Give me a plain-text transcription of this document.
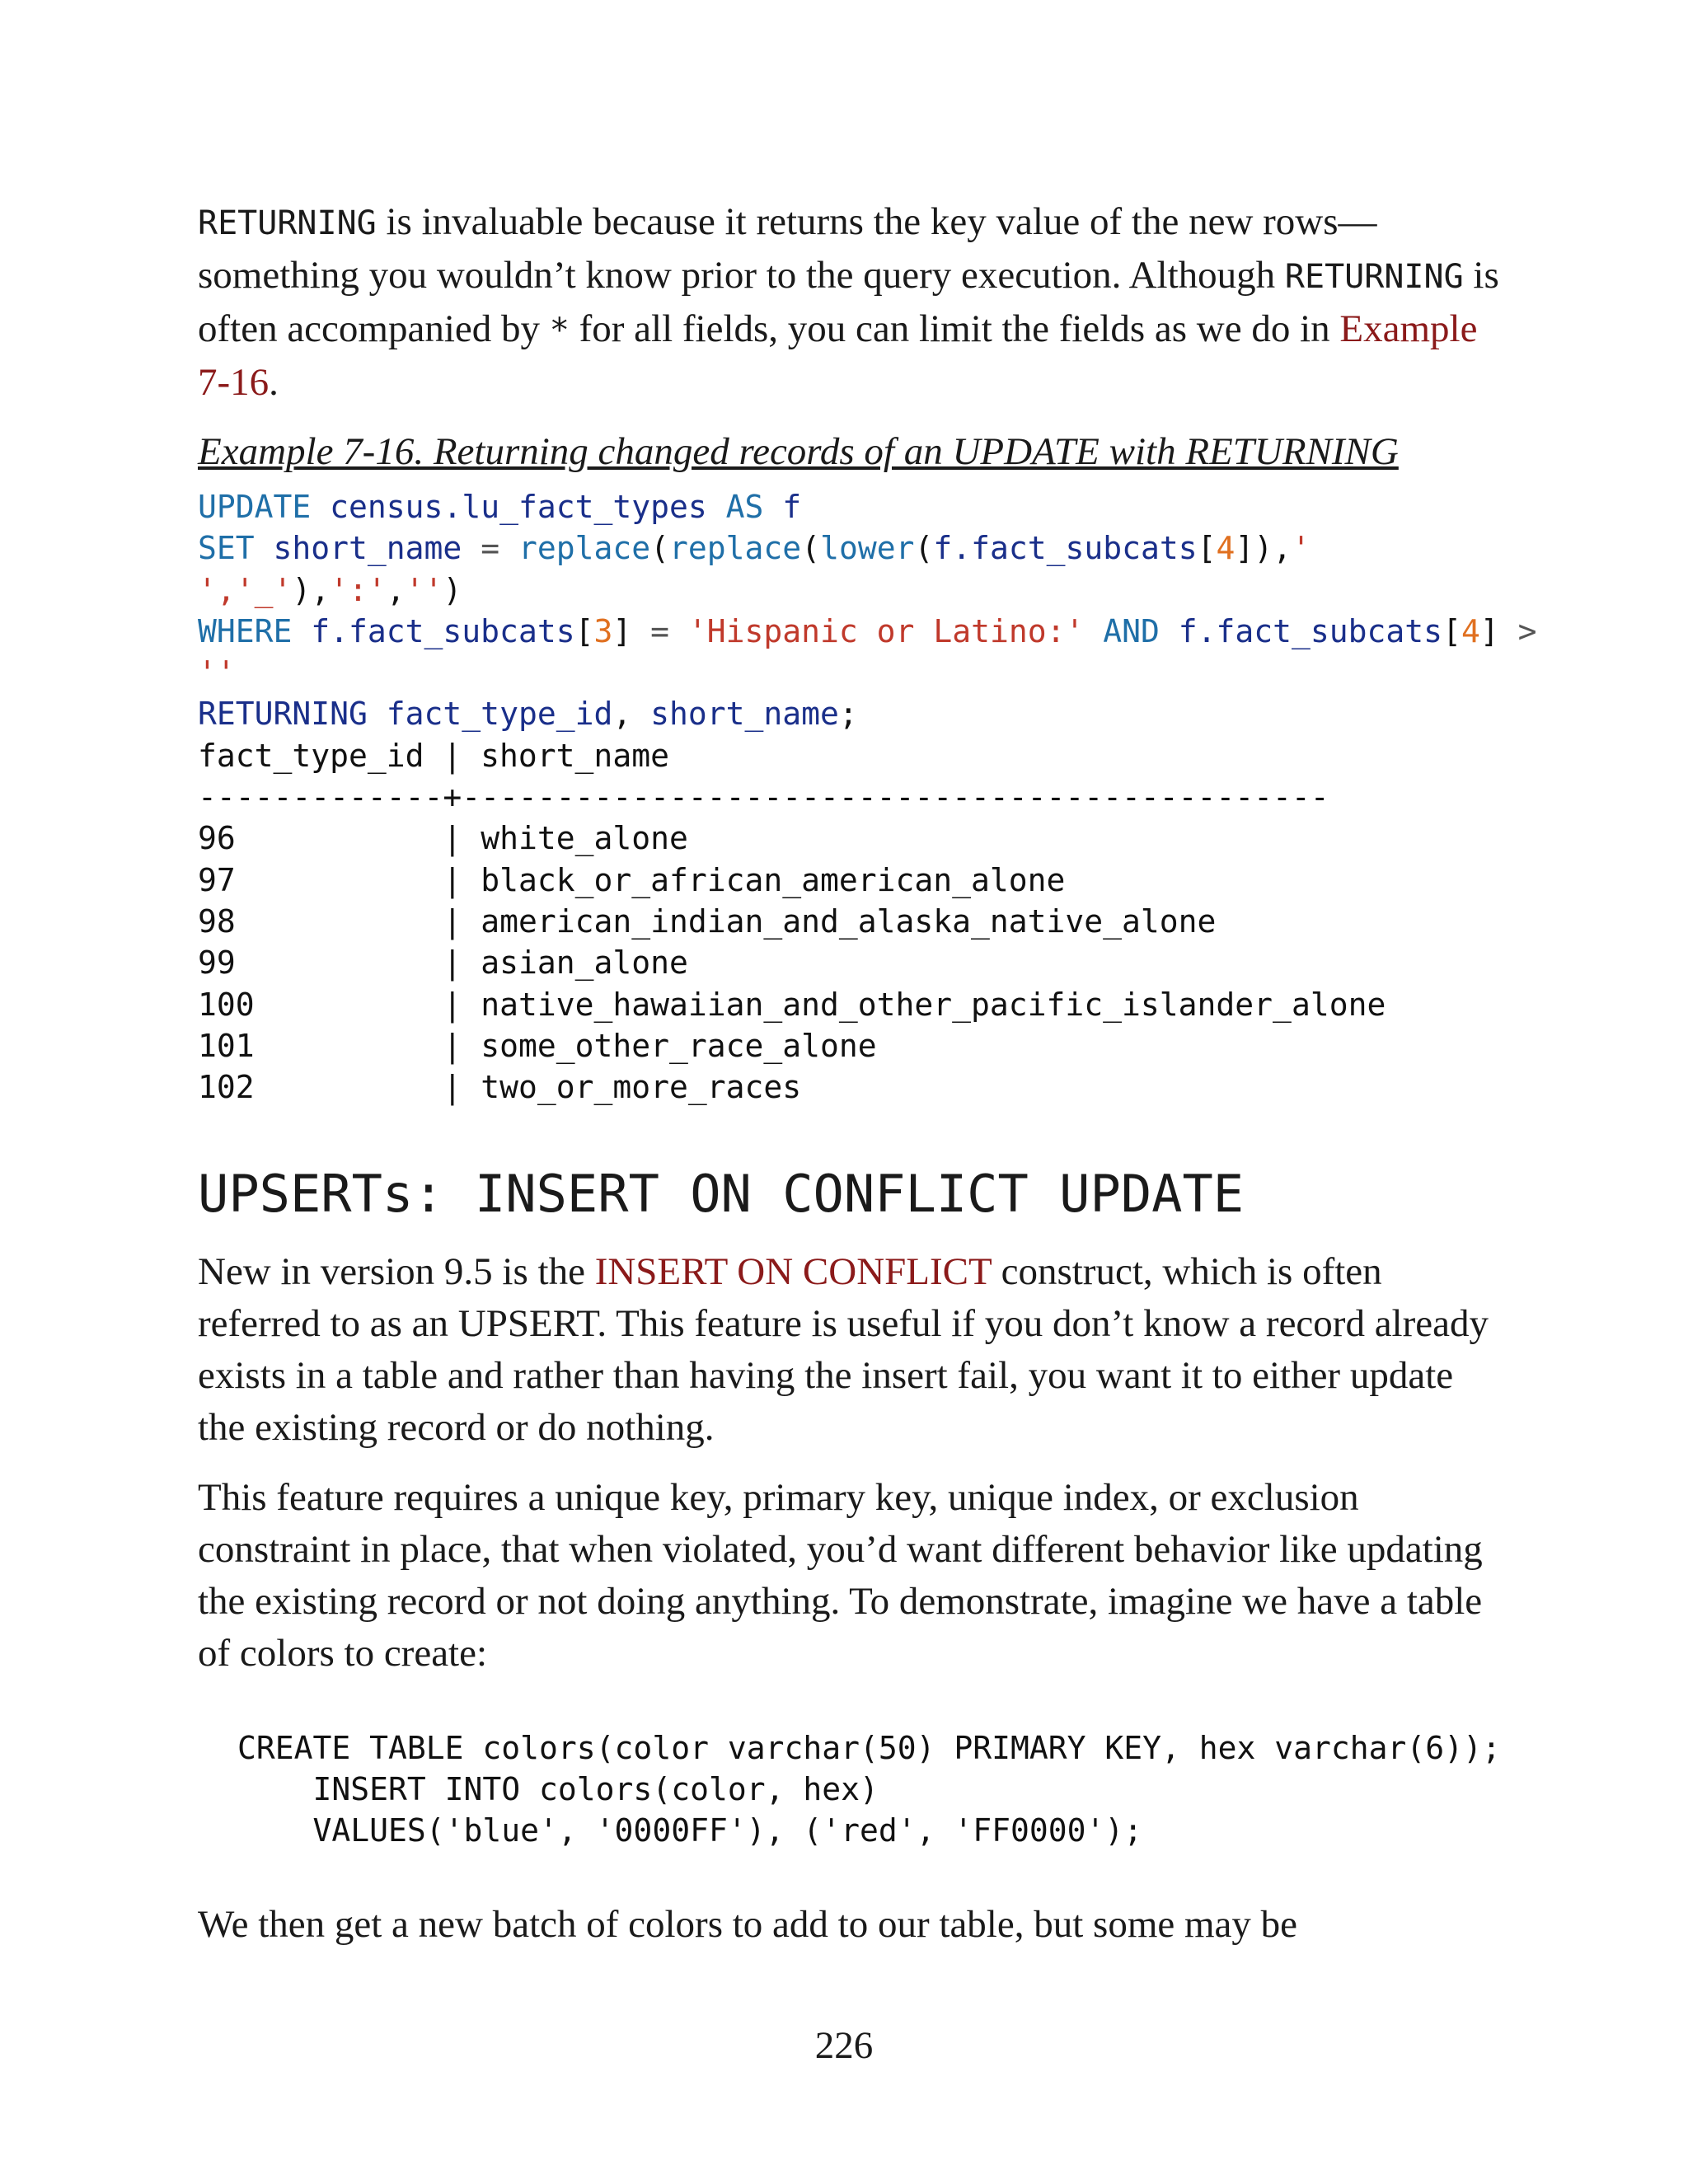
RETURNING is invaluable because it returns the key value of the new rows—something you wouldn’t know prior to the query execution. Although RETURNING is often accompanied by * for all fields, you can limit the fields as we do in Example 7-16.

Example 7-16. Returning changed records of an UPDATE with RETURNING
UPDATE census.lu_fact_types AS f
SET short_name = replace(replace(lower(f.fact_subcats[4]),'
','_'),':','')
WHERE f.fact_subcats[3] = 'Hispanic or Latino:' AND f.fact_subcats[4] >
''
RETURNING fact_type_id, short_name;
fact_type_id | short_name
-------------+----------------------------------------------
96           | white_alone
97           | black_or_african_american_alone
98           | american_indian_and_alaska_native_alone
99           | asian_alone
100          | native_hawaiian_and_other_pacific_islander_alone
101          | some_other_race_alone
102          | two_or_more_races
UPSERTs: INSERT ON CONFLICT UPDATE

New in version 9.5 is the INSERT ON CONFLICT construct, which is often referred to as an UPSERT. This feature is useful if you don’t know a record already exists in a table and rather than having the insert fail, you want it to either update the existing record or do nothing.

This feature requires a unique key, primary key, unique index, or exclusion constraint in place, that when violated, you’d want different behavior like updating the existing record or not doing anything. To demonstrate, imagine we have a table of colors to create:

CREATE TABLE colors(color varchar(50) PRIMARY KEY, hex varchar(6));
INSERT INTO colors(color, hex)
VALUES('blue', '0000FF'), ('red', 'FF0000');

We then get a new batch of colors to add to our table, but some may be

226
